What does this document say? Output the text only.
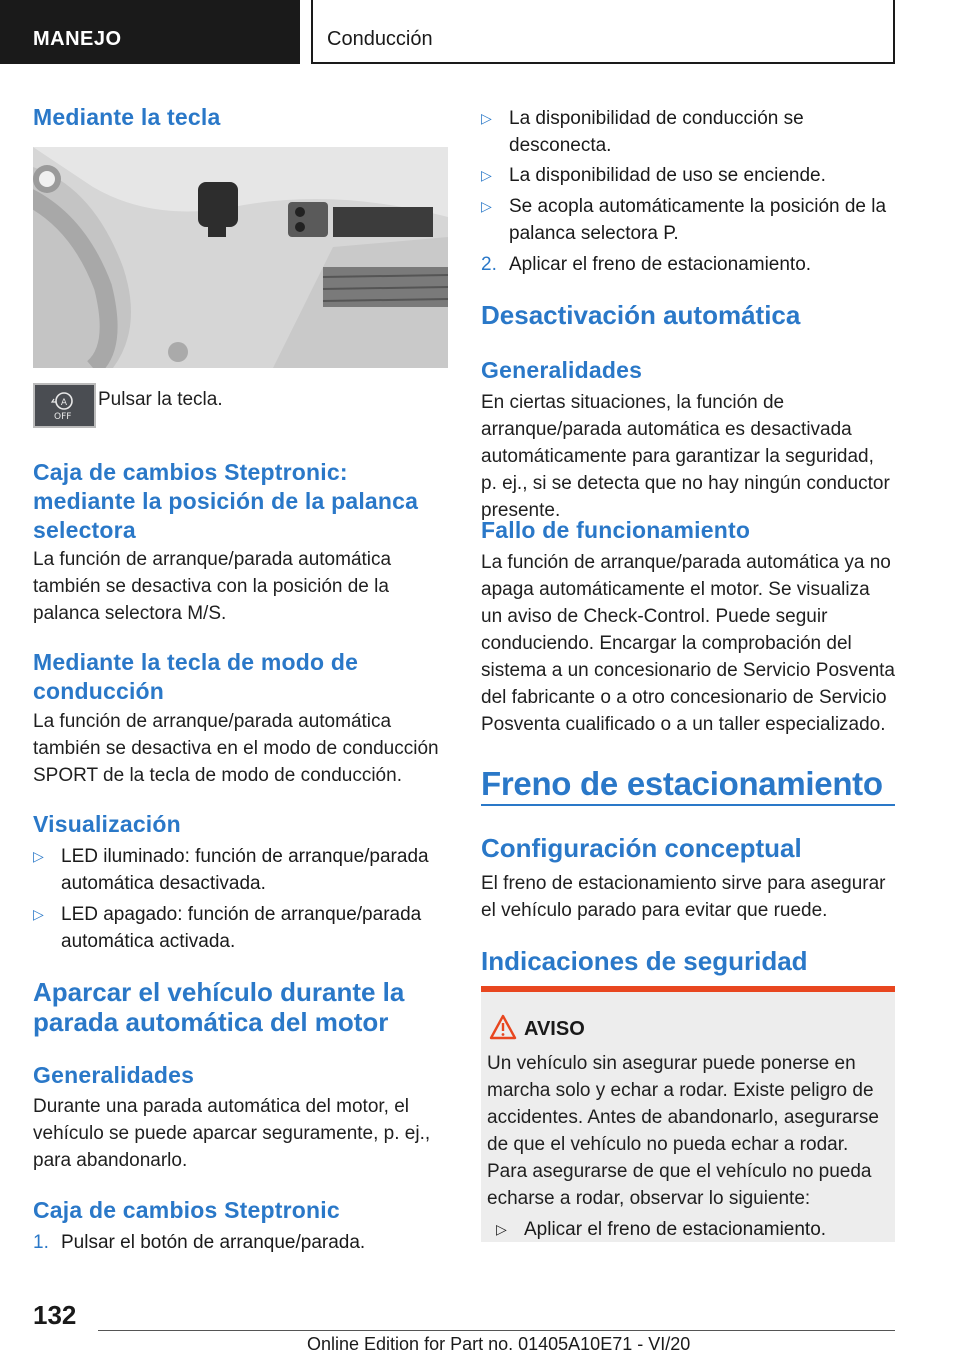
MANEJO	Conducción
Mediante la tecla
A
OFF
Pulsar la tecla.
Caja de cambios Steptronic: mediante la posición de la palanca selectora
La función de arranque/parada automática también se desactiva con la posición de la palanca selectora M/S.
Mediante la tecla de modo de conducción
La función de arranque/parada automática también se desactiva en el modo de conducción SPORT de la tecla de modo de conducción.
Visualización
▷ LED iluminado: función de arranque/parada automática desactivada.
▷ LED apagado: función de arranque/parada automática activada.
Aparcar el vehículo durante la parada automática del motor
Generalidades
Durante una parada automática del motor, el vehículo se puede aparcar seguramente, p. ej., para abandonarlo.
Caja de cambios Steptronic
1. Pulsar el botón de arranque/parada.
▷ La disponibilidad de conducción se desconecta.
▷ La disponibilidad de uso se enciende.
▷ Se acopla automáticamente la posición de la palanca selectora P.
2. Aplicar el freno de estacionamiento.
Desactivación automática
Generalidades
En ciertas situaciones, la función de arranque/parada automática es desactivada automáticamente para garantizar la seguridad, p. ej., si se detecta que no hay ningún conductor presente.
Fallo de funcionamiento
La función de arranque/parada automática ya no apaga automáticamente el motor. Se visualiza un aviso de Check-Control. Puede seguir conduciendo. Encargar la comprobación del sistema a un concesionario de Servicio Posventa del fabricante o a otro concesionario de Servicio Posventa cualificado o a un taller especializado.
Freno de estacionamiento
Configuración conceptual
El freno de estacionamiento sirve para asegurar el vehículo parado para evitar que ruede.
Indicaciones de seguridad
AVISO
Un vehículo sin asegurar puede ponerse en marcha solo y echar a rodar. Existe peligro de accidentes. Antes de abandonarlo, asegurarse de que el vehículo no pueda echar a rodar.
Para asegurarse de que el vehículo no pueda echarse a rodar, observar lo siguiente:
▷ Aplicar el freno de estacionamiento.
132
Online Edition for Part no. 01405A10E71 - VI/20
